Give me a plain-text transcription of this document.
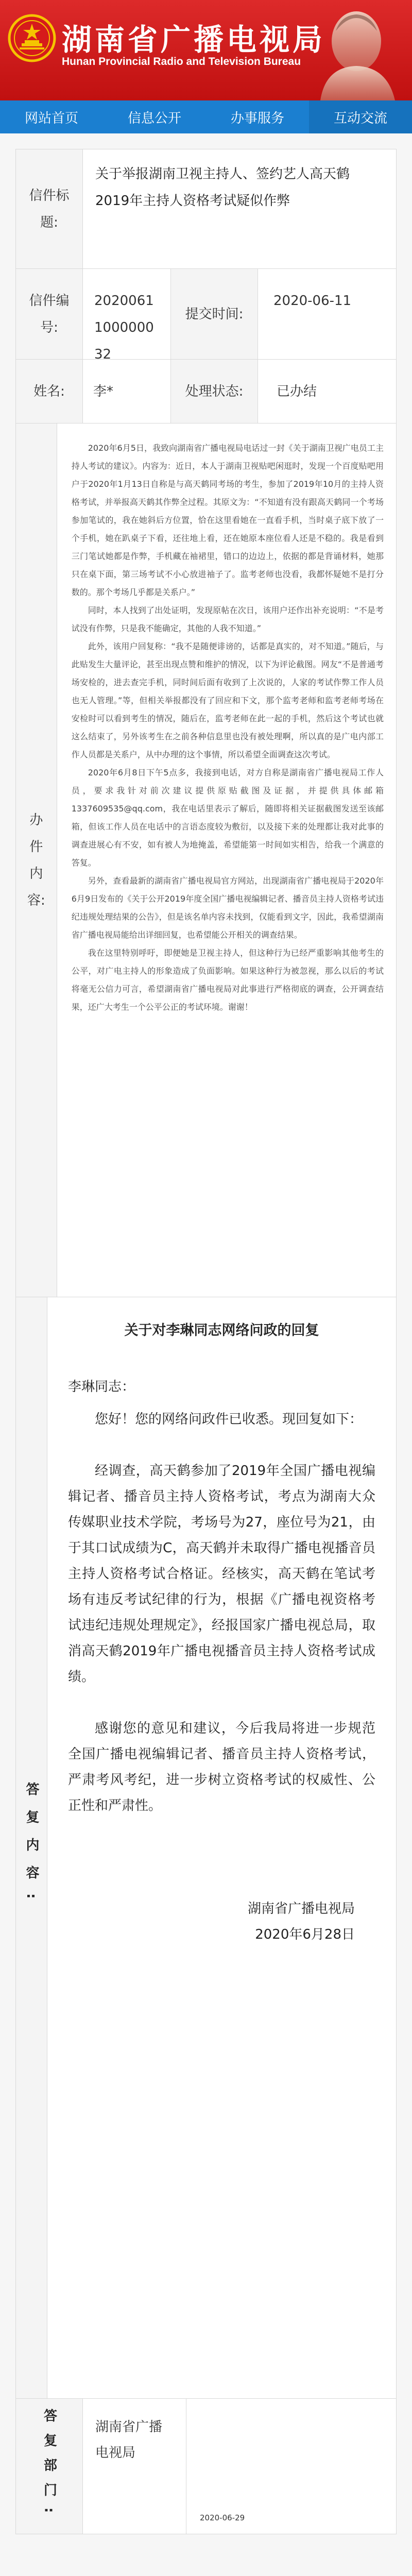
湖南省广播电视局
Hunan Provincial Radio and Television Bureau
网站首页	信息公开	办事服务	互动交流
信件标题:
关于举报湖南卫视主持人、签约艺人高天鹤2019年主持人资格考试疑似作弊
信件编号:
2020061100000032
提交时间:
2020-06-11
姓名:	李*	处理状态:	已办结
办件内容:

2020年6月5日，我致向湖南省广播电视局电话过一封《关于湖南卫视广电员工主持人考试的建议》。内容为：近日，本人于湖南卫视贴吧闲逛时，发现一个百度贴吧用户于2020年1月13日自称是与高天鹤同考场的考生，参加了2019年10月的主持人资格考试，并举报高天鹤其作弊全过程。其原文为：“不知道有没有跟高天鹤同一个考场参加笔试的，我在她斜后方位置，恰在这里看她在一直看手机，当时桌子底下放了一个手机，她在趴桌子下看，还往地上看，还在她原本座位看人还是不稳的。我是看到三门笔试她都是作弊，手机藏在袖裙里，错口的边边上，依据的都是背诵材料，她那只在桌下面，第三场考试不小心放进袖子了。监考老师也没看，我都怀疑她不是打分数的。那个考场几乎都是关系户。”

同时，本人找到了出处证明，发现原帖在次日，该用户还作出补充说明：“不是考试没有作弊，只是我不能确定，其他的人我不知道。”

此外，该用户回复称：“我不是随便诽谤的，话都是真实的，对不知道。”随后，与此贴发生大量评论，甚至出现点赞和维护的情况，以下为评论截图。网友“不是普通考场安检的，进去查完手机，同时间后面有收到了上次说的，人家的考试作弊工作人员也无人管理。”等，但相关举报都没有了回应和下文，那个监考老师和监考老师考场在安检时可以看到考生的情况，随后在，监考老师在此一起的手机，然后这个考试也就这么结束了，另外该考生在之前各种信息里也没有被处理啊，所以真的是广电内部工作人员都是关系户，从中办理的这个事情，所以希望全面调查这次考试。

2020年6月8日下午5点多，我接到电话，对方自称是湖南省广播电视局工作人员，要求我针对前次建议提供原贴截图及证据，并提供具体邮箱1337609535@qq.com，我在电话里表示了解后，随即将相关证据截图发送至该邮箱，但该工作人员在电话中的言语态度较为敷衍，以及接下来的处理都让我对此事的调查进展心有不安，如有被人为地掩盖，希望能第一时间如实相告，给我一个满意的答复。

另外，查看最新的湖南省广播电视局官方网站，出现湖南省广播电视局于2020年6月9日发布的《关于公开2019年度全国广播电视编辑记者、播音员主持人资格考试违纪违规处理结果的公告》，但是该名单内容未找到，仅能看到文字，因此，我希望湖南省广播电视局能给出详细回复，也希望能公开相关的调查结果。

我在这里特别呼吁，即便她是卫视主持人，但这种行为已经严重影响其他考生的公平，对广电主持人的形象造成了负面影响。如果这种行为被忽视，那么以后的考试将毫无公信力可言，希望湖南省广播电视局对此事进行严格彻底的调查，公开调查结果，还广大考生一个公平公正的考试环境。谢谢！

答复内容:
关于对李琳同志网络问政的回复
李琳同志：

您好！您的网络问政件已收悉。现回复如下：

经调查，高天鹤参加了2019年全国广播电视编辑记者、播音员主持人资格考试，考点为湖南大众传媒职业技术学院，考场号为27，座位号为21，由于其口试成绩为C，高天鹤并未取得广播电视播音员主持人资格考试合格证。经核实，高天鹤在笔试考场有违反考试纪律的行为，根据《广播电视资格考试违纪违规处理规定》，经报国家广播电视总局，取消高天鹤2019年广播电视播音员主持人资格考试成绩。

感谢您的意见和建议，今后我局将进一步规范全国广播电视编辑记者、播音员主持人资格考试，严肃考风考纪，进一步树立资格考试的权威性、公正性和严肃性。

湖南省广播电视局

2020年6月28日

答复部门:	湖南省广播电视局
2020-06-29
